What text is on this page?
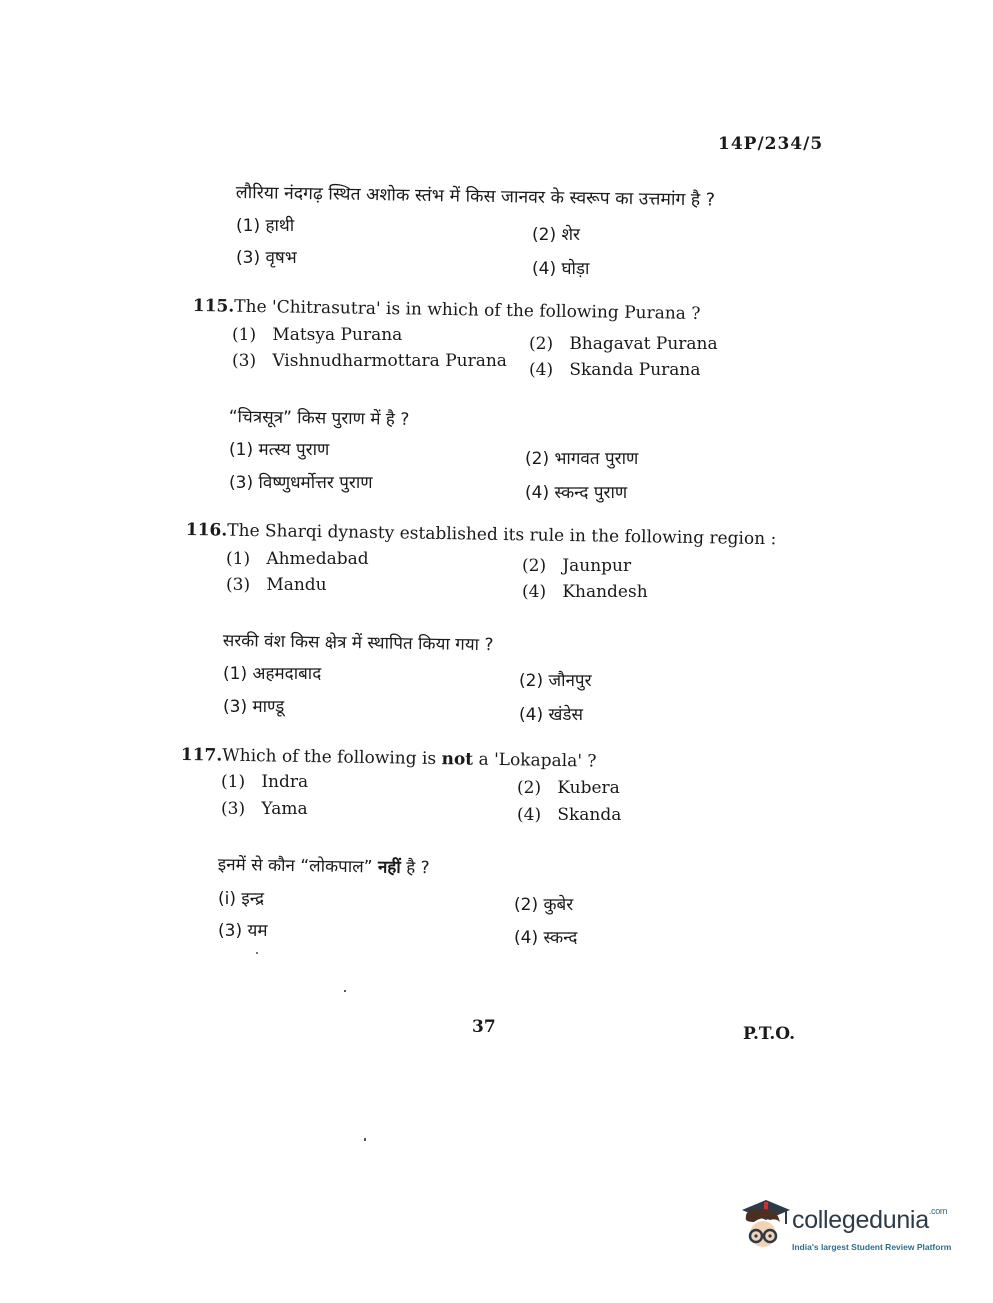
14P/234/5
लौरिया नंदगढ़ स्थित अशोक स्तंभ में किस जानवर के स्वरूप का उत्तमांग है ?
(1) हाथी	(2) शेर
(3) वृषभ
(4) घोड़ा
115.The 'Chitrasutra' is in which of the following Purana ?
(1) Matsya Purana	(2) Bhagavat Purana
(3) Vishnudharmottara Purana (4) Skanda Purana
“चित्रसूत्र” किस पुराण में है ?
(1) मत्स्य पुराण	(2) भागवत पुराण
(3) विष्णुधर्मोत्तर पुराण	(4) स्कन्द पुराण
116.The Sharqi dynasty established its rule in the following region :
(1) Ahmedabad	(2) Jaunpur
(3) Mandu	(4) Khandesh
सरकी वंश किस क्षेत्र में स्थापित किया गया ?
(1) अहमदाबाद	(2) जौनपुर
(3) माण्डू	(4) खंडेस
117.Which of the following is not a 'Lokapala' ?
(1) Indra	(2) Kubera
(3) Yama	(4) Skanda
इनमें से कौन “लोकपाल” नहीं है ?
(i) इन्द्र	(2) कुबेर
(3) यम	(4) स्कन्द
37	P.T.O.
collegedunia$^{.com}$
India's largest Student Review Platform
